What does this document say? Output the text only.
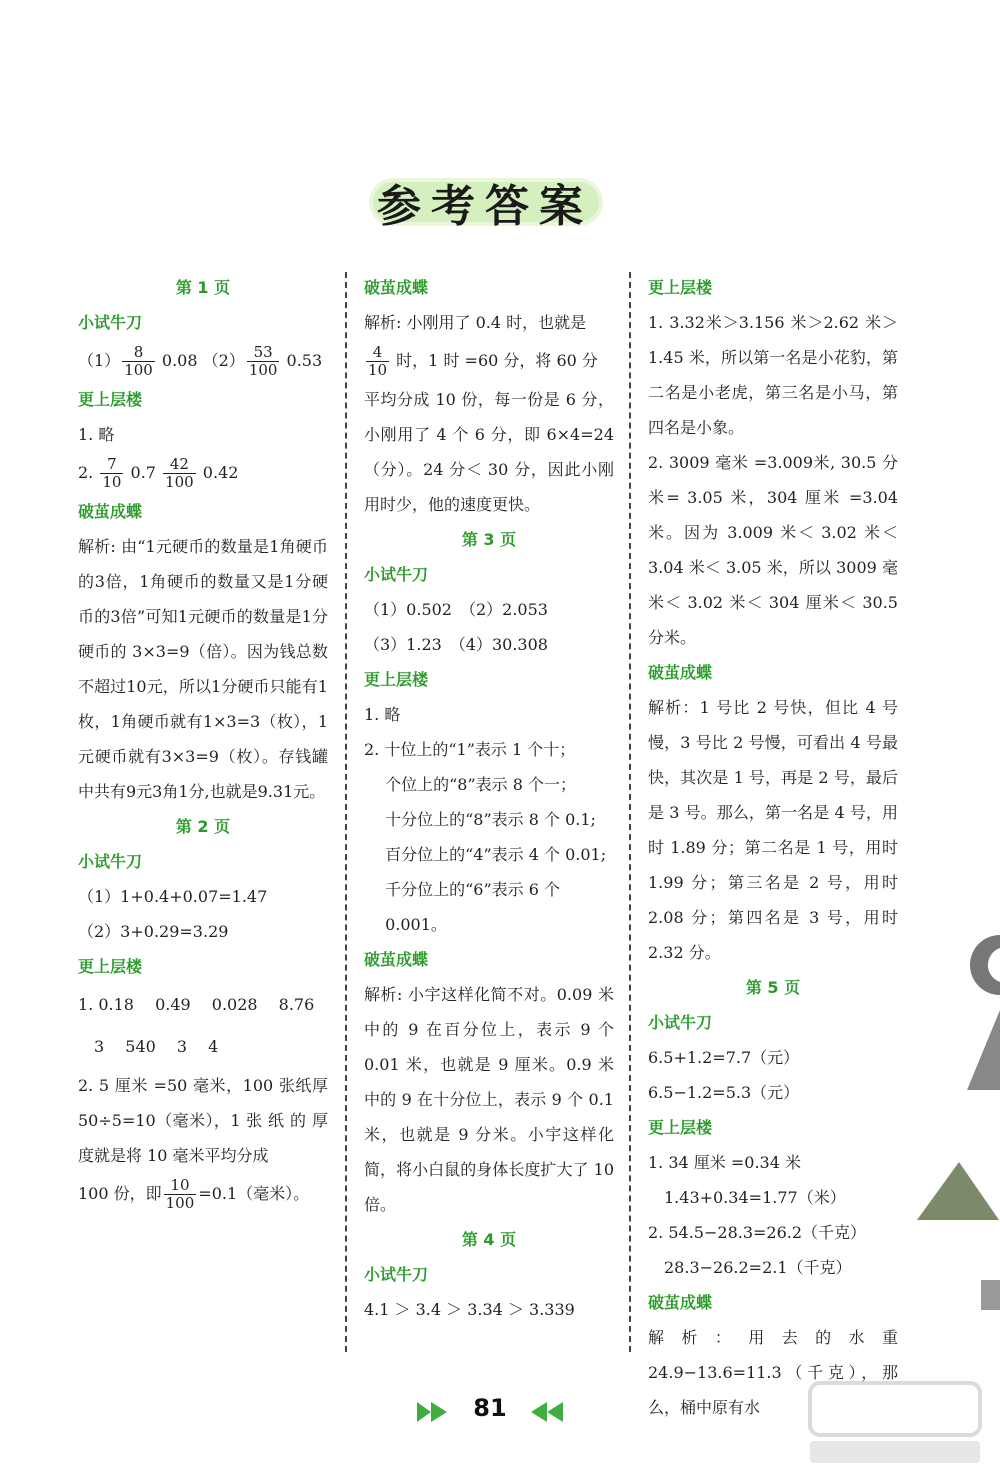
参考答案

第 1 页

小试牛刀

$(1) \frac{8}{100} 0.08$ $(2) \frac{53}{100} 0.53$

更上层楼

1. 略

2. $\frac{7}{10} 0.7 \frac{42}{100} 0.42$

破茧成蝶

解析: 由“1元硬币的数量是1角硬币的3倍，1角硬币的数量又是1分硬币的3倍”可知1元硬币的数量是1分硬币的 3×3=9（倍）。因为钱总数不超过10元，所以1分硬币只能有1枚，1角硬币就有1×3=3（枚），1元硬币就有3×3=9（枚）。存钱罐中共有9元3角1分,也就是9.31元。

第 2 页

小试牛刀

（1）1+0.4+0.07=1.47

（2）3+0.29=3.29

更上层楼

1. 0.18　 0.49　 0.028　 8.76

　3　 540　 3　 4

2. 5 厘米 =50 毫米，100 张纸厚 50÷5=10（毫米），1 张 纸 的 厚度就是将 10 毫米平均分成

100 份，即 $\frac{10}{100} =0.1$（毫米）。

破茧成蝶

解析: 小刚用了 0.4 时，也就是

$\frac{4}{10}$ 时，1 时 =60 分，将 60 分

平均分成 10 份，每一份是 6 分，小刚用了 4 个 6 分，即 6×4=24（分）。24 分＜ 30 分，因此小刚用时少，他的速度更快。

第 3 页

小试牛刀

（1）0.502　（2）2.053

（3）1.23　（4）30.308

更上层楼

1. 略

2. 十位上的“1”表示 1 个十；

　 个位上的“8”表示 8 个一；

　 十分位上的“8”表示 8 个 0.1;

　 百分位上的“4”表示 4 个 0.01;

　 千分位上的“6”表示 6 个

　 0.001。

破茧成蝶

解析: 小宇这样化简不对。0.09 米中的 9 在百分位上，表示 9 个 0.01 米，也就是 9 厘米。0.9 米中的 9 在十分位上，表示 9 个 0.1 米，也就是 9 分米。小宇这样化简，将小白鼠的身体长度扩大了 10 倍。

第 4 页

小试牛刀

4.1 ＞ 3.4 ＞ 3.34 ＞ 3.339

更上层楼

1. 3.32米＞3.156 米＞2.62 米＞ 1.45 米，所以第一名是小花豹，第二名是小老虎，第三名是小马，第四名是小象。

2. 3009 毫米 =3.009米, 30.5 分米= 3.05 米，304 厘米 =3.04 米。因为 3.009 米＜ 3.02 米＜ 3.04 米＜ 3.05 米，所以 3009 毫米＜ 3.02 米＜ 304 厘米＜ 30.5 分米。

破茧成蝶

解析：1 号比 2 号快，但比 4 号慢，3 号比 2 号慢，可看出 4 号最快，其次是 1 号，再是 2 号，最后是 3 号。那么，第一名是 4 号，用时 1.89 分；第二名是 1 号，用时 1.99 分；第三名是 2 号，用时 2.08 分；第四名是 3 号，用时 2.32 分。

第 5 页

小试牛刀

6.5+1.2=7.7（元）

6.5−1.2=5.3（元）

更上层楼

1. 34 厘米 =0.34 米

　1.43+0.34=1.77（米）

2. 54.5−28.3=26.2（千克）

　28.3−26.2=2.1（千克）

破茧成蝶

解析：用去的水重 24.9−13.6=11.3（千克），那么，桶中原有水

81
